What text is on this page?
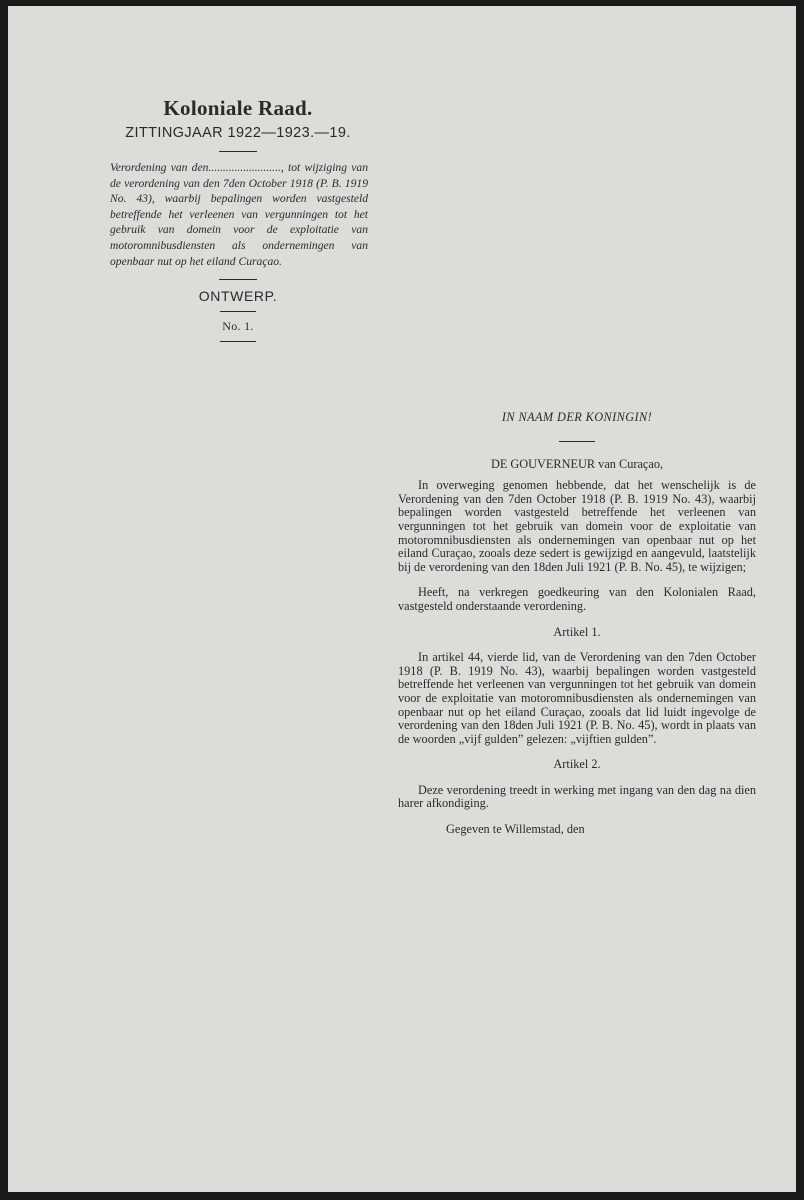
Koloniale Raad.
ZITTINGJAAR 1922—1923.—19.

Verordening van den........................., tot wijziging van de verordening van den 7den October 1918 (P. B. 1919 No. 43), waarbij bepalingen worden vastgesteld betreffende het verleenen van vergunningen tot het gebruik van domein voor de exploitatie van motoromnibusdiensten als ondernemingen van openbaar nut op het eiland Curaçao.

ONTWERP.
No. 1.
IN NAAM DER KONINGIN!
DE GOUVERNEUR van Curaçao,

In overweging genomen hebbende, dat het wenschelijk is de Verordening van den 7den October 1918 (P. B. 1919 No. 43), waarbij bepalingen worden vastgesteld betreffende het verleenen van vergunningen tot het gebruik van domein voor de exploitatie van motoromnibusdiensten als ondernemingen van openbaar nut op het eiland Curaçao, zooals deze sedert is gewijzigd en aangevuld, laatstelijk bij de verordening van den 18den Juli 1921 (P. B. No. 45), te wijzigen;

Heeft, na verkregen goedkeuring van den Kolonialen Raad, vastgesteld onderstaande verordening.

Artikel 1.

In artikel 44, vierde lid, van de Verordening van den 7den October 1918 (P. B. 1919 No. 43), waarbij bepalingen worden vastgesteld betreffende het verleenen van vergunningen tot het gebruik van domein voor de exploitatie van motoromnibusdiensten als ondernemingen van openbaar nut op het eiland Curaçao, zooals dat lid luidt ingevolge de verordening van den 18den Juli 1921 (P. B. No. 45), wordt in plaats van de woorden „vijf gulden” gelezen: „vijftien gulden”.

Artikel 2.

Deze verordening treedt in werking met ingang van den dag na dien harer afkondiging.

Gegeven te Willemstad, den
